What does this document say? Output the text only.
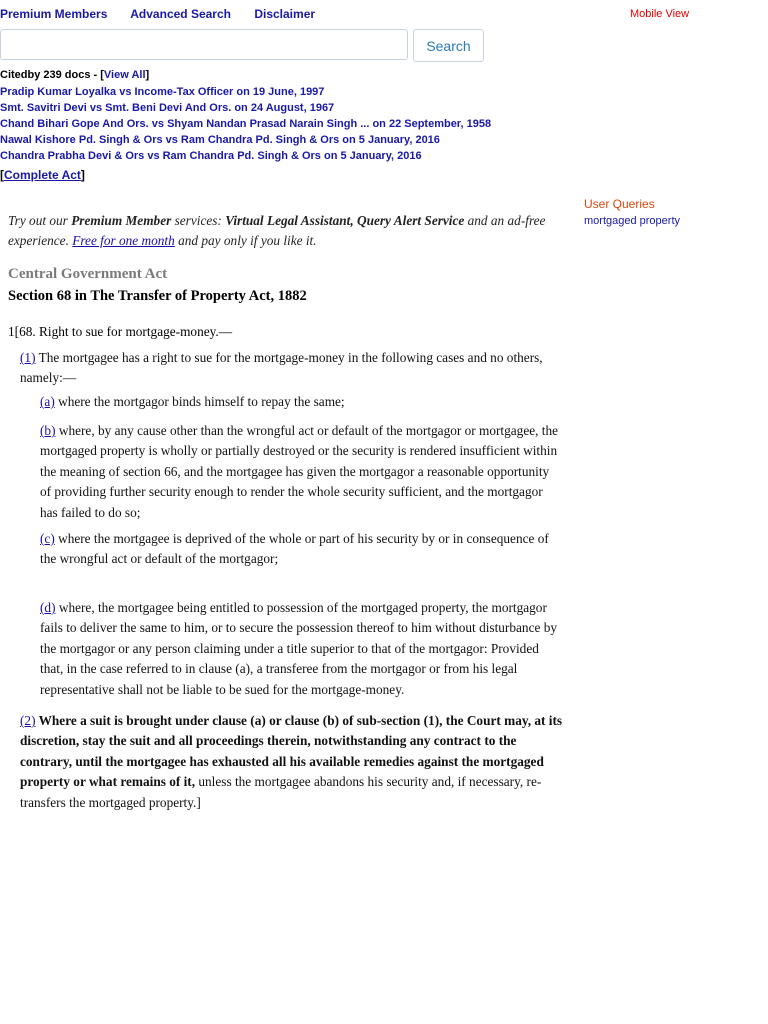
Premium Members Advanced Search Disclaimer	Mobile View
Search
Citedby 239 docs - [View All]
Pradip Kumar Loyalka vs Income-Tax Officer on 19 June, 1997
Smt. Savitri Devi vs Smt. Beni Devi And Ors. on 24 August, 1967
Chand Bihari Gope And Ors. vs Shyam Nandan Prasad Narain Singh ... on 22 September, 1958
Nawal Kishore Pd. Singh & Ors vs Ram Chandra Pd. Singh & Ors on 5 January, 2016
Chandra Prabha Devi & Ors vs Ram Chandra Pd. Singh & Ors on 5 January, 2016
[Complete Act]
User Queries
mortgaged property
Try out our Premium Member services: Virtual Legal Assistant, Query Alert Service and an ad-free experience. Free for one month and pay only if you like it.
Central Government Act
Section 68 in The Transfer of Property Act, 1882
1[68. Right to sue for mortgage-money.—
(1) The mortgagee has a right to sue for the mortgage-money in the following cases and no others, namely:—
(a) where the mortgagor binds himself to repay the same;
(b) where, by any cause other than the wrongful act or default of the mortgagor or mortgagee, the mortgaged property is wholly or partially destroyed or the security is rendered insufficient within the meaning of section 66, and the mortgagee has given the mortgagor a reasonable opportunity of providing further security enough to render the whole security sufficient, and the mortgagor has failed to do so;
(c) where the mortgagee is deprived of the whole or part of his security by or in consequence of the wrongful act or default of the mortgagor;
(d) where, the mortgagee being entitled to possession of the mortgaged property, the mortgagor fails to deliver the same to him, or to secure the possession thereof to him without disturbance by the mortgagor or any person claiming under a title superior to that of the mortgagor: Provided that, in the case referred to in clause (a), a transferee from the mortgagor or from his legal representative shall not be liable to be sued for the mortgage-money.
(2) Where a suit is brought under clause (a) or clause (b) of sub-section (1), the Court may, at its discretion, stay the suit and all proceedings therein, notwithstanding any contract to the contrary, until the mortgagee has exhausted all his available remedies against the mortgaged property or what remains of it, unless the mortgagee abandons his security and, if necessary, re-transfers the mortgaged property.]
